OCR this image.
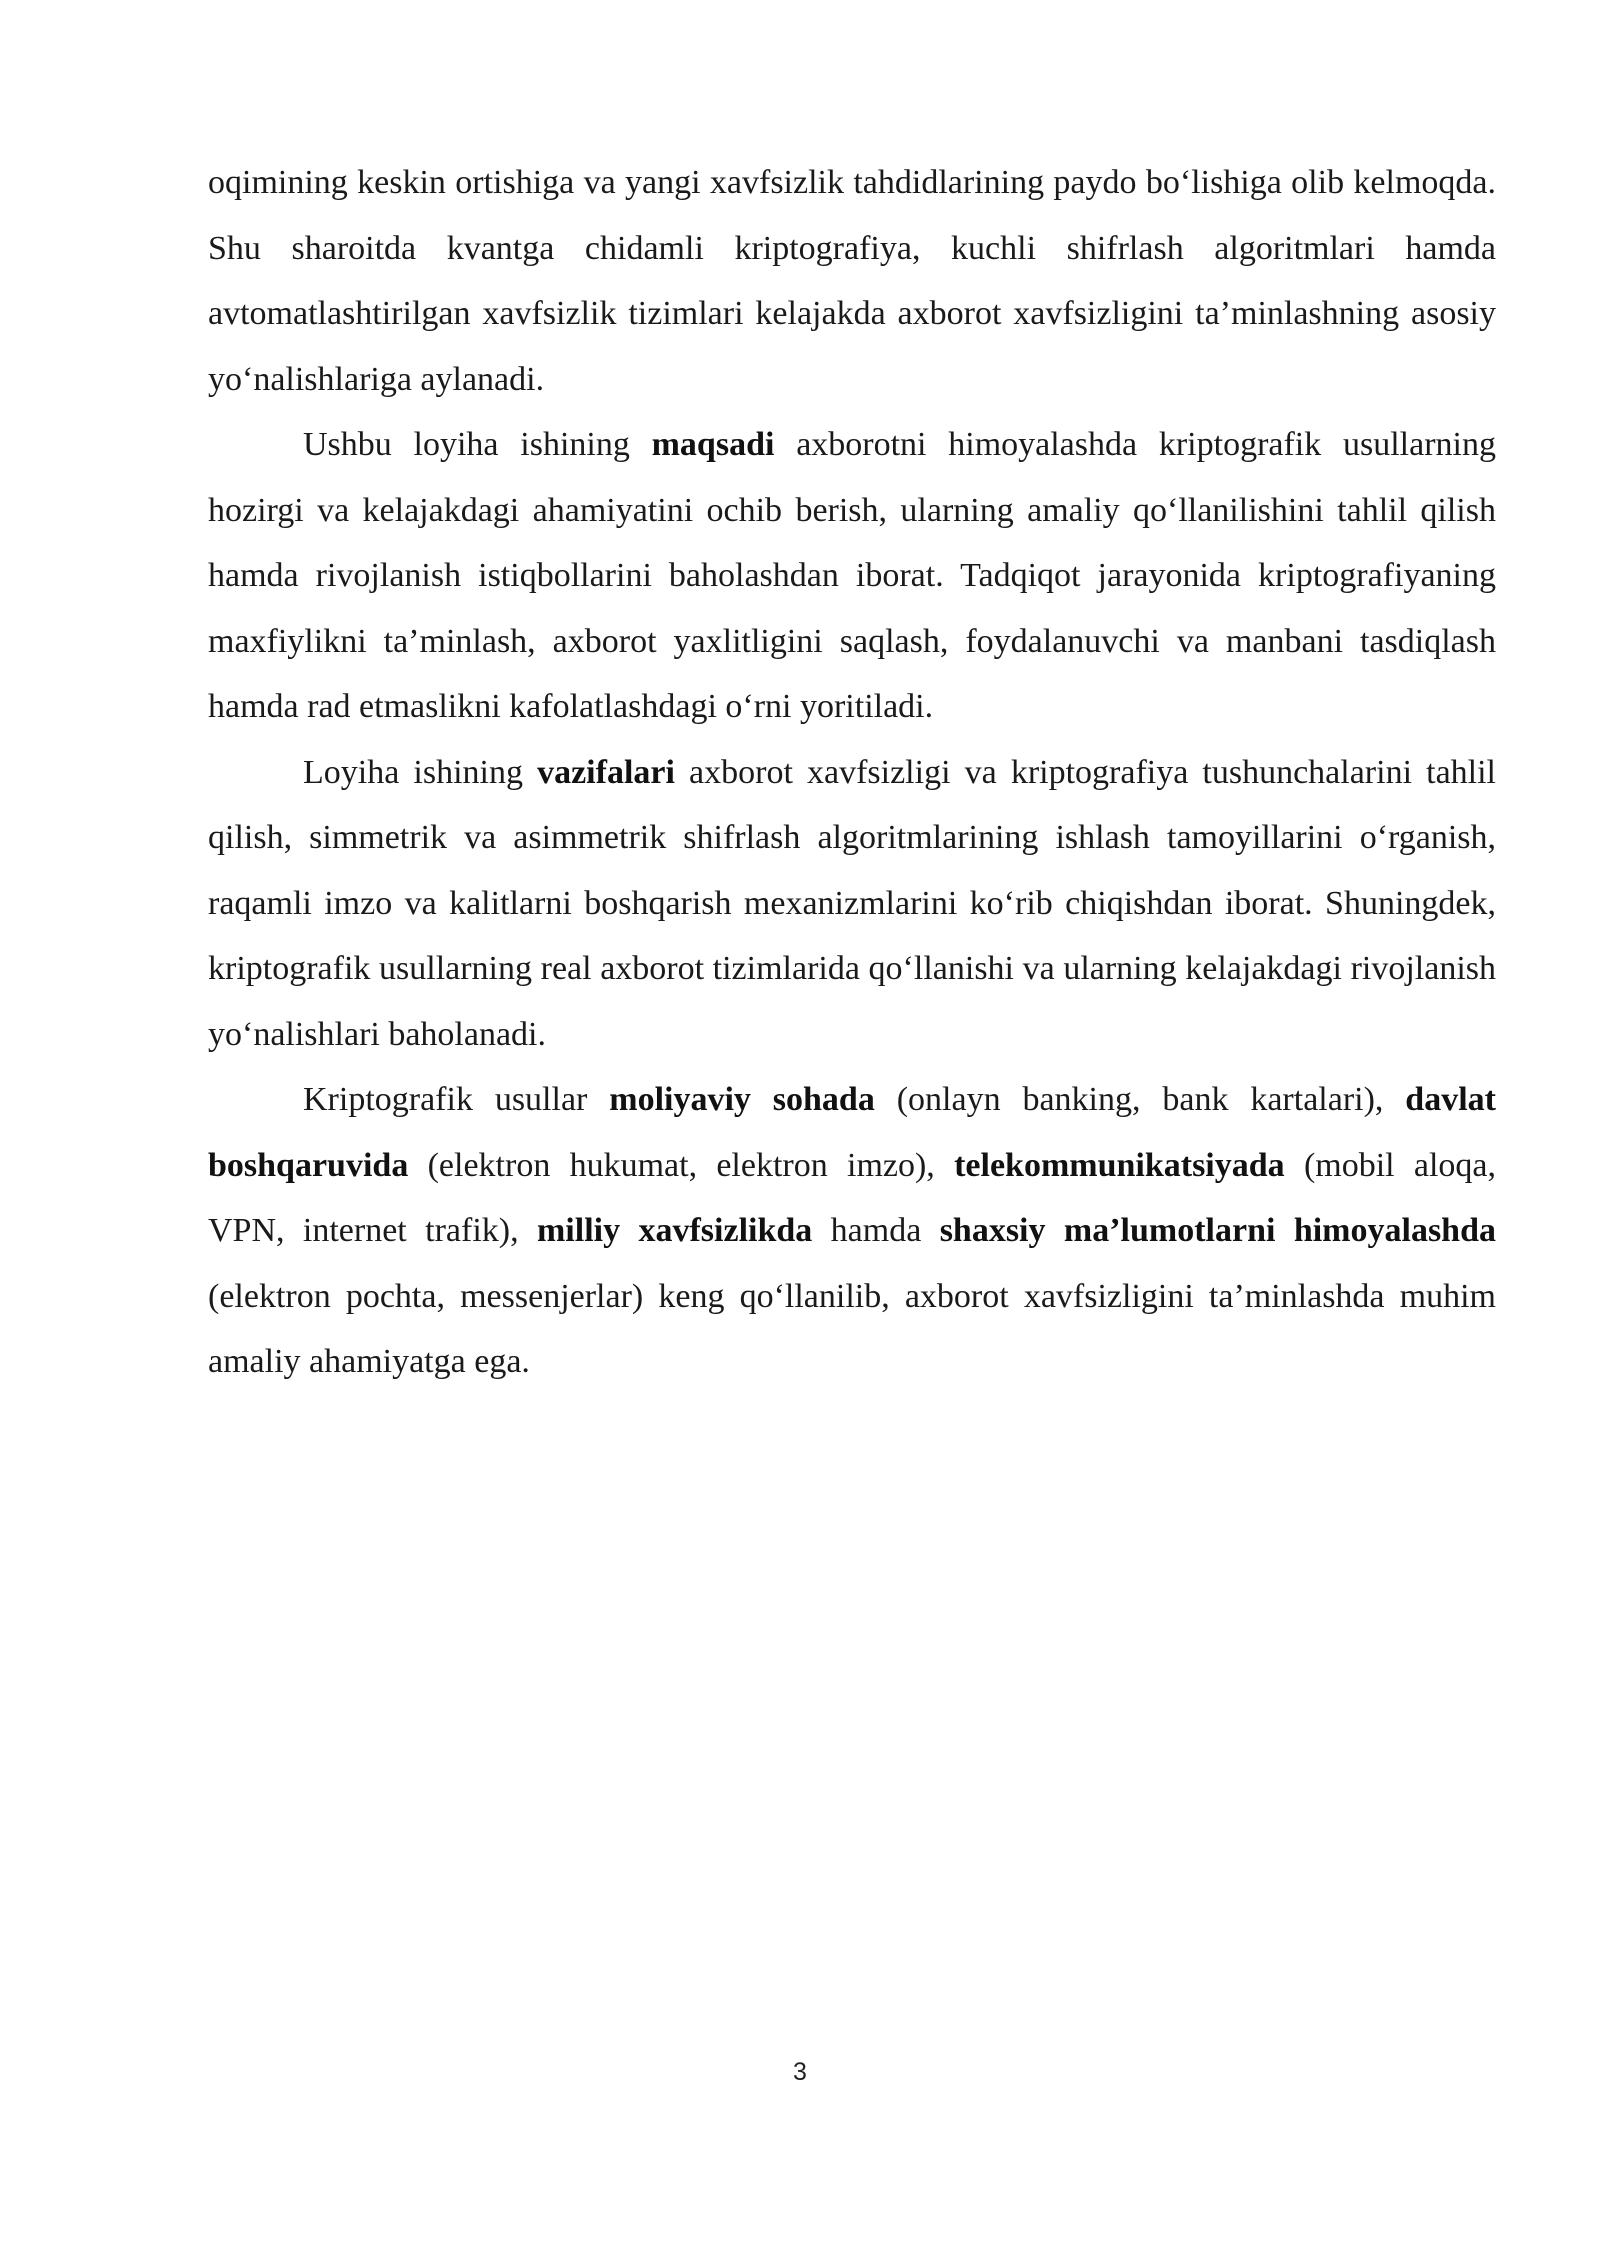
oqimining keskin ortishiga va yangi xavfsizlik tahdidlarining paydo bo‘lishiga olib kelmoqda. Shu sharoitda kvantga chidamli kriptografiya, kuchli shifrlash algoritmlari hamda avtomatlashtirilgan xavfsizlik tizimlari kelajakda axborot xavfsizligini ta’minlashning asosiy yo‘nalishlariga aylanadi.

Ushbu loyiha ishining maqsadi axborotni himoyalashda kriptografik usullarning hozirgi va kelajakdagi ahamiyatini ochib berish, ularning amaliy qo‘llanilishini tahlil qilish hamda rivojlanish istiqbollarini baholashdan iborat. Tadqiqot jarayonida kriptografiyaning maxfiylikni ta’minlash, axborot yaxlitligini saqlash, foydalanuvchi va manbani tasdiqlash hamda rad etmaslikni kafolatlashdagi o‘rni yoritiladi.

Loyiha ishining vazifalari axborot xavfsizligi va kriptografiya tushunchalarini tahlil qilish, simmetrik va asimmetrik shifrlash algoritmlarining ishlash tamoyillarini o‘rganish, raqamli imzo va kalitlarni boshqarish mexanizmlarini ko‘rib chiqishdan iborat. Shuningdek, kriptografik usullarning real axborot tizimlarida qo‘llanishi va ularning kelajakdagi rivojlanish yo‘nalishlari baholanadi.

Kriptografik usullar moliyaviy sohada (onlayn banking, bank kartalari), davlat boshqaruvida (elektron hukumat, elektron imzo), telekommunikatsiyada (mobil aloqa, VPN, internet trafik), milliy xavfsizlikda hamda shaxsiy ma’lumotlarni himoyalashda (elektron pochta, messenjerlar) keng qo‘llanilib, axborot xavfsizligini ta’minlashda muhim amaliy ahamiyatga ega.

3
